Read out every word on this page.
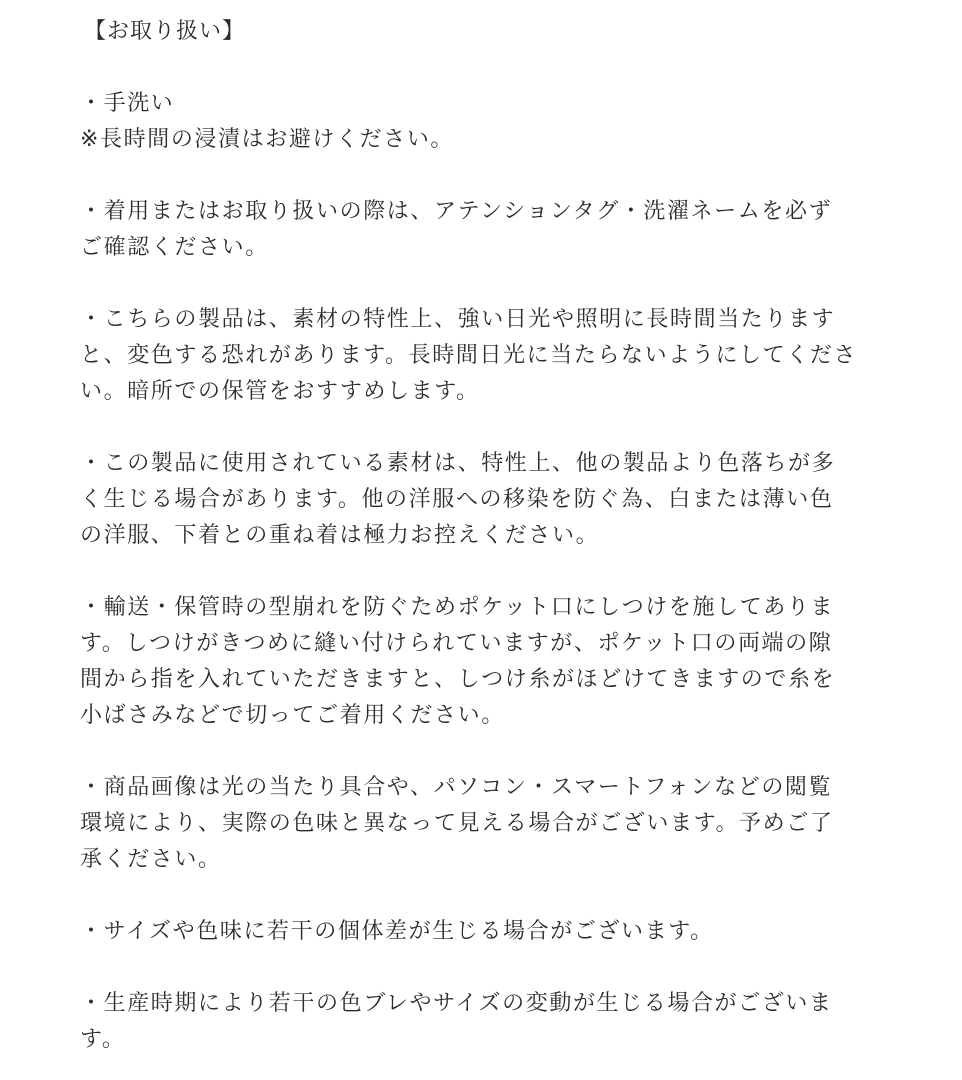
【お取り扱い】
・手洗い
※長時間の浸漬はお避けください。
・着用またはお取り扱いの際は、アテンションタグ・洗濯ネームを必ず
ご確認ください。
・こちらの製品は、素材の特性上、強い日光や照明に長時間当たります
と、変色する恐れがあります。長時間日光に当たらないようにしてくださ
い。暗所での保管をおすすめします。
・この製品に使用されている素材は、特性上、他の製品より色落ちが多
く生じる場合があります。他の洋服への移染を防ぐ為、白または薄い色
の洋服、下着との重ね着は極力お控えください。
・輸送・保管時の型崩れを防ぐためポケット口にしつけを施してありま
す。しつけがきつめに縫い付けられていますが、ポケット口の両端の隙
間から指を入れていただきますと、しつけ糸がほどけてきますので糸を
小ばさみなどで切ってご着用ください。
・商品画像は光の当たり具合や、パソコン・スマートフォンなどの閲覧
環境により、実際の色味と異なって見える場合がございます。予めご了
承ください。
・サイズや色味に若干の個体差が生じる場合がございます。
・生産時期により若干の色ブレやサイズの変動が生じる場合がございま
す。
